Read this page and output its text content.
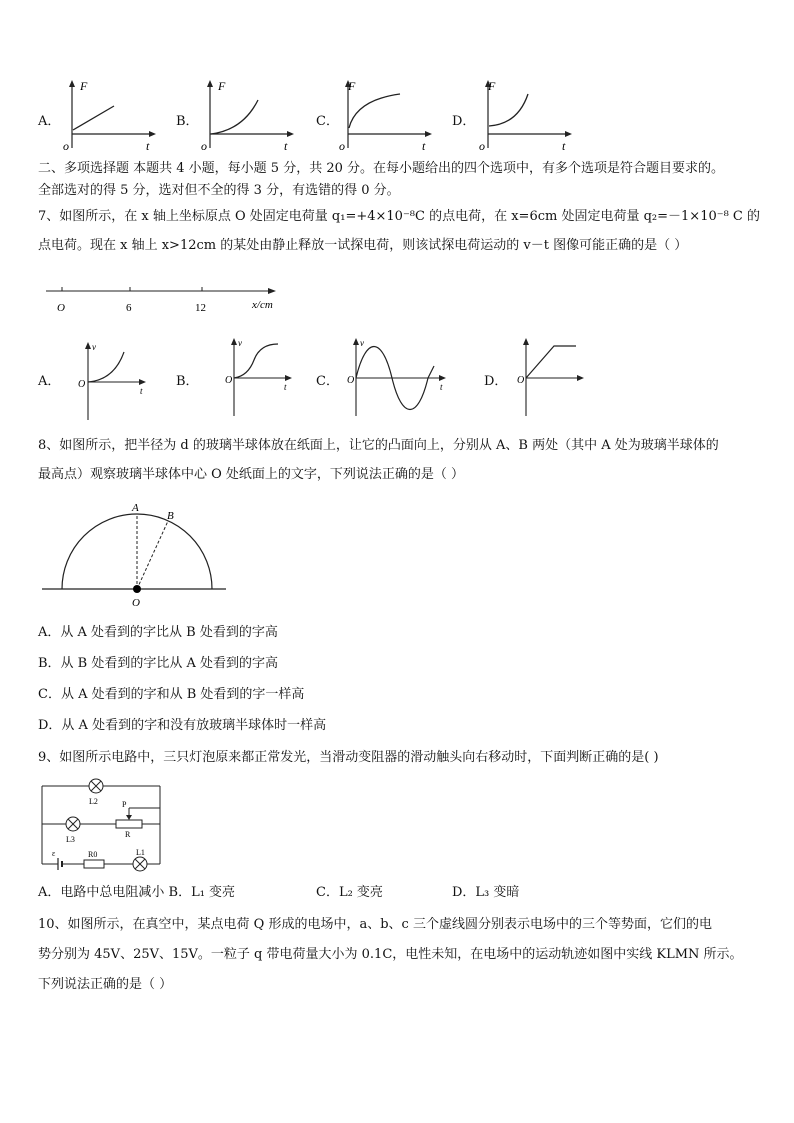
A．
F
t
o
B．
F
t
o
C．
F
t
o
D．
F
t
o
二、多项选择题 本题共 4 小题，每小题 5 分，共 20 分。在每小题给出的四个选项中，有多个选项是符合题目要求的。
全部选对的得 5 分，选对但不全的得 3 分，有选错的得 0 分。
7、如图所示，在 x 轴上坐标原点 O 处固定电荷量 q₁=+4×10⁻⁸C 的点电荷，在 x=6cm 处固定电荷量 q₂=－1×10⁻⁸ C 的
点电荷。现在 x 轴上 x>12cm 的某处由静止释放一试探电荷，则该试探电荷运动的 v－t 图像可能正确的是（ ）
O	6	12	x/cm
A．
v
t
O	B．
v
t
O	C．
v
t
O	D． O
8、如图所示，把半径为 d 的玻璃半球体放在纸面上，让它的凸面向上，分别从 A、B 两处（其中 A 处为玻璃半球体的
最高点）观察玻璃半球体中心 O 处纸面上的文字，下列说法正确的是（ ）
A
B
O
A．从 A 处看到的字比从 B 处看到的字高
B．从 B 处看到的字比从 A 处看到的字高
C．从 A 处看到的字和从 B 处看到的字一样高
D．从 A 处看到的字和没有放玻璃半球体时一样高
9、如图所示电路中，三只灯泡原来都正常发光，当滑动变阻器的滑动触头向右移动时，下面判断正确的是( )
L2
L3
R
P
ε	R0	L1
A．电路中总电阻减小 B．L₁ 变亮	C．L₂ 变亮	D．L₃ 变暗
10、如图所示，在真空中，某点电荷 Q 形成的电场中，a、b、c 三个虚线圆分别表示电场中的三个等势面，它们的电
势分别为 45V、25V、15V。一粒子 q 带电荷量大小为 0.1C，电性未知，在电场中的运动轨迹如图中实线 KLMN 所示。
下列说法正确的是（ ）
